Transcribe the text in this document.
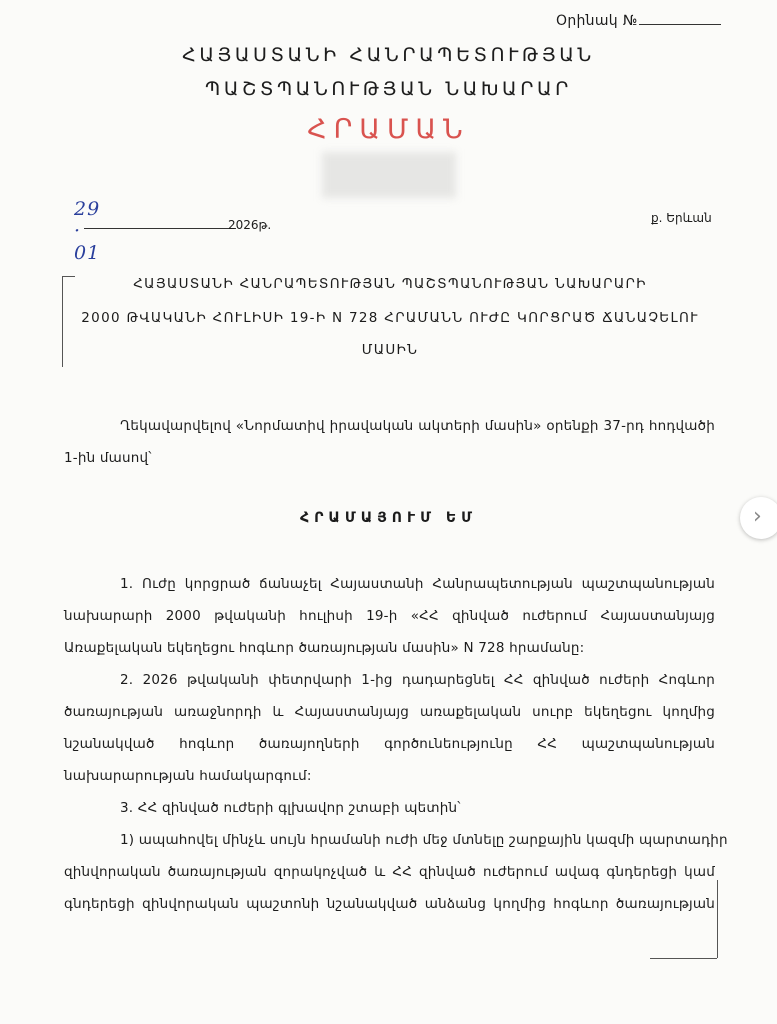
Օրինակ №
ՀԱՅԱՍՏԱՆԻ ՀԱՆՐԱՊԵՏՈՒԹՅԱՆ
ՊԱՇՏՊԱՆՈՒԹՅԱՆ ՆԱԽԱՐԱՐ
ՀՐԱՄԱՆ
29 · 01
2026թ.	ք. Երևան
ՀԱՅԱՍՏԱՆԻ ՀԱՆՐԱՊԵՏՈՒԹՅԱՆ ՊԱՇՏՊԱՆՈՒԹՅԱՆ ՆԱԽԱՐԱՐԻ
2000 ԹՎԱԿԱՆԻ ՀՈՒԼԻՍԻ 19-Ի N 728 ՀՐԱՄԱՆՆ ՈՒԺԸ ԿՈՐՑՐԱԾ ՃԱՆԱՉԵԼՈՒ
ՄԱՍԻՆ
Ղեկավարվելով «Նորմատիվ իրավական ակտերի մասին» օրենքի 37-րդ հոդվածի
1-ին մասով՝
ՀՐԱՄԱՅՈՒՄ ԵՄ
1. Ուժը կորցրած ճանաչել Հայաստանի Հանրապետության պաշտպանության
նախարարի 2000 թվականի հուլիսի 19-ի «ՀՀ զինված ուժերում Հայաստանյայց
Առաքելական եկեղեցու հոգևոր ծառայության մասին» N 728 հրամանը:
2. 2026 թվականի փետրվարի 1-ից դադարեցնել ՀՀ զինված ուժերի Հոգևոր
ծառայության առաջնորդի և Հայաստանյայց առաքելական սուրբ եկեղեցու կողմից
նշանակված հոգևոր ծառայողների գործունեությունը ՀՀ պաշտպանության
նախարարության համակարգում:
3. ՀՀ զինված ուժերի գլխավոր շտաբի պետին՝
1) ապահովել մինչև սույն հրամանի ուժի մեջ մտնելը շարքային կազմի պարտադիր
զինվորական ծառայության զորակոչված և ՀՀ զինված ուժերում ավագ գնդերեցի կամ
գնդերեցի զինվորական պաշտոնի նշանակված անձանց կողմից հոգևոր ծառայության
›
